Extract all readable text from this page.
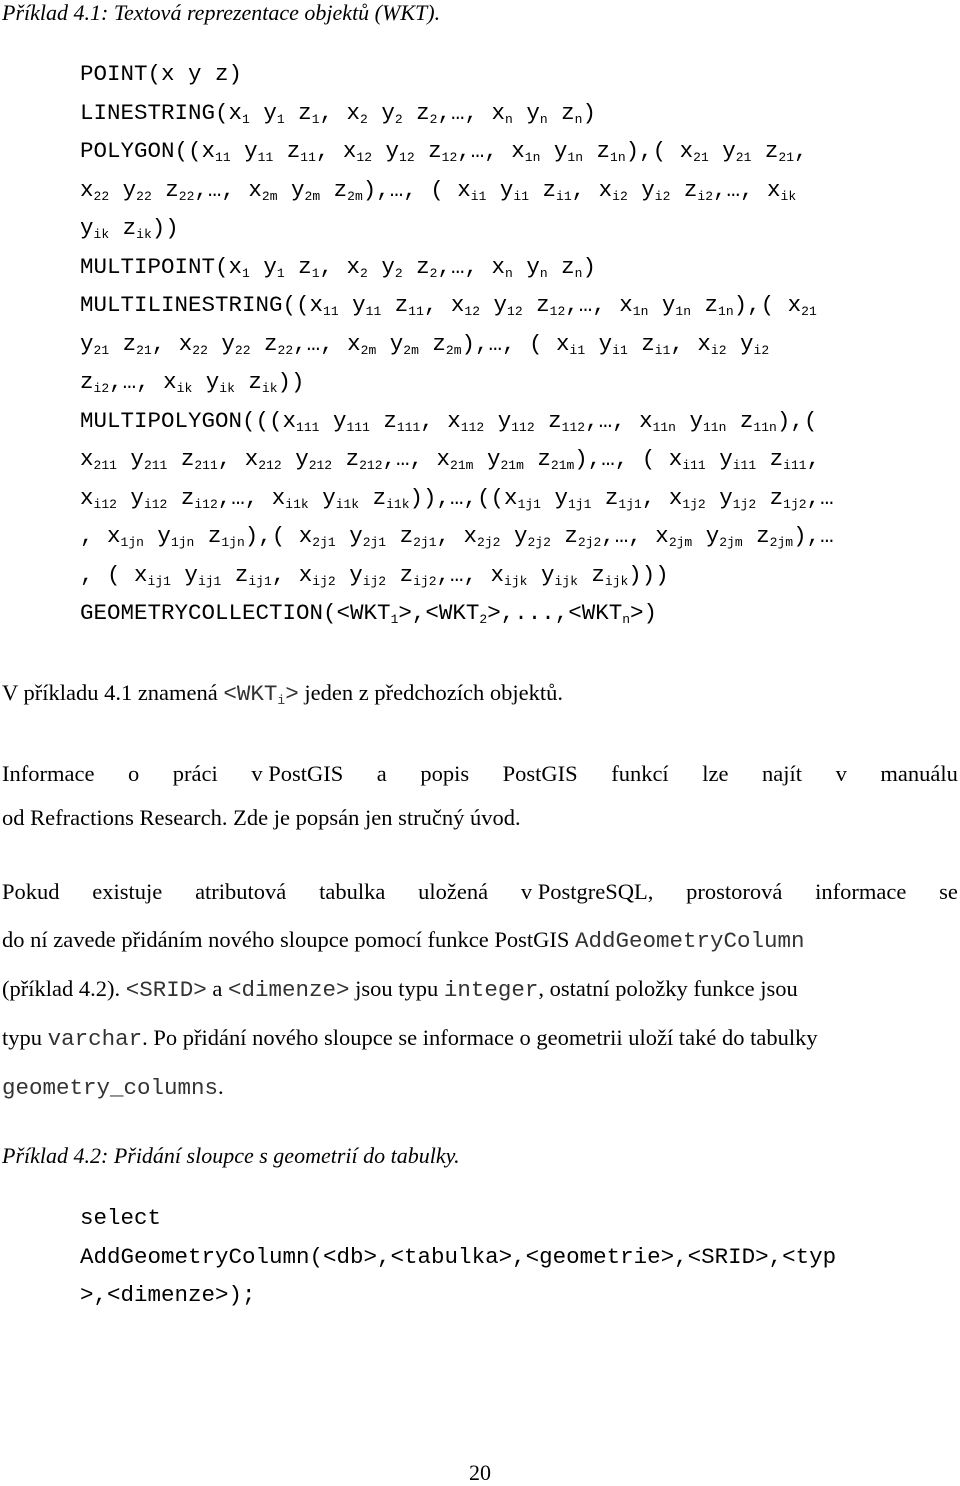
Příklad 4.1: Textová reprezentace objektů (WKT).
POINT(x y z)
$LINESTRING(x_1$ $y_1$ $z_1$, $x_2$ $y_2$ $z_2,\dots$, $x_n$ $y_n$ $z_n$)
$POLYGON((x_{11}$ $y_{11}$ $z_{11}$, $x_{12}$ $y_{12}$ $z_{12},\dots$, $x_{1n}$ $y_{1n}$ $z_{1n}$),( $x_{21}$ $y_{21}$ $z_{21}$,
$x_{22}$ $y_{22}$ $z_{22},\dots$, $x_{2m}$ $y_{2m}$ $z_{2m}),\dots$, ( $x_{i1}$ $y_{i1}$ $z_{i1}$, $x_{i2}$ $y_{i2}$ $z_{i2},\dots$, $x_{ik}$
$y_{ik}$ $z_{ik}$))
$MULTIPOINT(x_1$ $y_1$ $z_1$, $x_2$ $y_2$ $z_2,\dots$, $x_n$ $y_n$ $z_n$)
$MULTILINESTRING((x_{11}$ $y_{11}$ $z_{11}$, $x_{12}$ $y_{12}$ $z_{12},\dots$, $x_{1n}$ $y_{1n}$ $z_{1n}$),( $x_{21}$
$y_{21}$ $z_{21}$, $x_{22}$ $y_{22}$ $z_{22},\dots$, $x_{2m}$ $y_{2m}$ $z_{2m}),\dots$, ( $x_{i1}$ $y_{i1}$ $z_{i1}$, $x_{i2}$ $y_{i2}$
$z_{i2},\dots$, $x_{ik}$ $y_{ik}$ $z_{ik}$))
$MULTIPOLYGON(((x_{111}$ $y_{111}$ $z_{111}$, $x_{112}$ $y_{112}$ $z_{112},\dots$, $x_{11n}$ $y_{11n}$ $z_{11n}$),(
$x_{211}$ $y_{211}$ $z_{211}$, $x_{212}$ $y_{212}$ $z_{212},\dots$, $x_{21m}$ $y_{21m}$ $z_{21m}),\dots$, ( $x_{i11}$ $y_{i11}$ $z_{i11}$,
$x_{i12}$ $y_{i12}$ $z_{i12},\dots$, $x_{i1k}$ $y_{i1k}$ $z_{i1k})),\dots,((x_{1j1}$ $y_{1j1}$ $z_{1j1}$, $x_{1j2}$ $y_{1j2}$ $z_{1j2},\dots$
, $x_{1jn}$ $y_{1jn}$ $z_{1jn}$),( $x_{2j1}$ $y_{2j1}$ $z_{2j1}$, $x_{2j2}$ $y_{2j2}$ $z_{2j2},\dots$, $x_{2jm}$ $y_{2jm}$ $z_{2jm}),\dots$
, ( $x_{ij1}$ $y_{ij1}$ $z_{ij1}$, $x_{ij2}$ $y_{ij2}$ $z_{ij2},\dots$, $x_{ijk}$ $y_{ijk}$ $z_{ijk}$)))
$GEOMETRYCOLLECTION(<WKT_1>,<WKT_2>,...,<WKT_n>)$
V příkladu 4.1 znamená $<WKT_i>$ jeden z předchozích objektů.
Informace o práci v PostGIS a popis PostGIS funkcí lze najít v manuálu
od Refractions Research. Zde je popsán jen stručný úvod.
Pokud existuje atributová tabulka uložená v PostgreSQL, prostorová informace se
do ní zavede přidáním nového sloupce pomocí funkce PostGIS AddGeometryColumn
(příklad 4.2). <SRID> a <dimenze> jsou typu integer, ostatní položky funkce jsou
typu varchar. Po přidání nového sloupce se informace o geometrii uloží také do tabulky
geometry_columns.
Příklad 4.2: Přidání sloupce s geometrií do tabulky.
select
AddGeometryColumn(<db>,<tabulka>,<geometrie>,<SRID>,<typ
>,<dimenze>);
20
